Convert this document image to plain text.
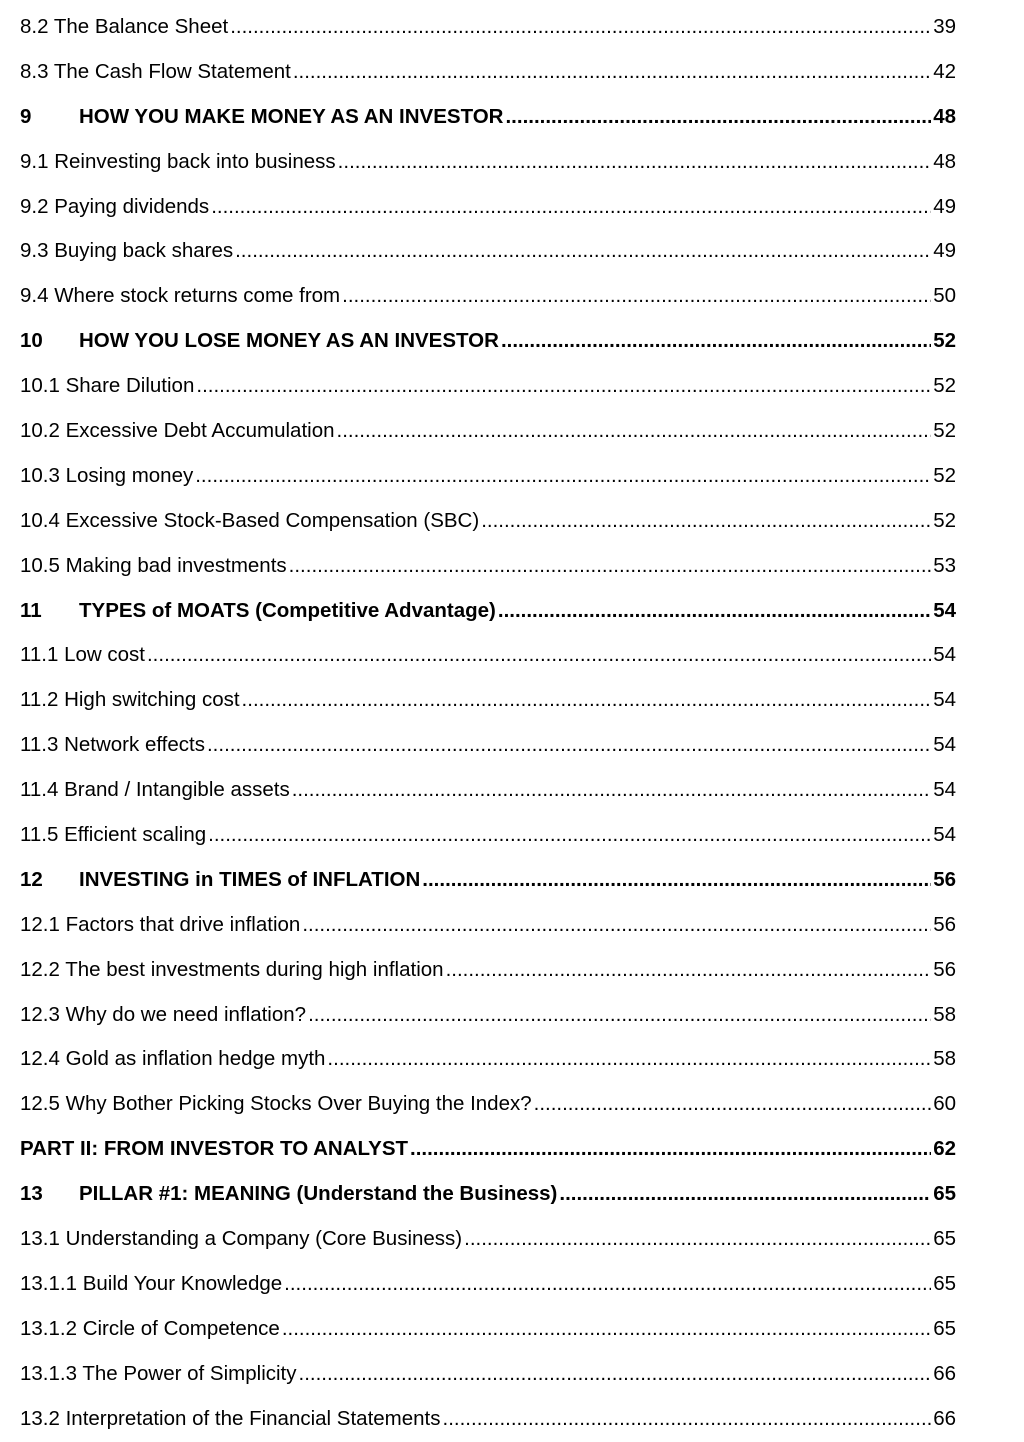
8.2 The Balance Sheet .....	39
8.3 The Cash Flow Statement .....	42
9	HOW YOU MAKE MONEY AS AN INVESTOR .....	48
9.1 Reinvesting back into business .....	48
9.2 Paying dividends .....	49
9.3 Buying back shares .....	49
9.4 Where stock returns come from .....	50
10	HOW YOU LOSE MONEY AS AN INVESTOR .....	52
10.1 Share Dilution .....	52
10.2 Excessive Debt Accumulation .....	52
10.3 Losing money .....	52
10.4 Excessive Stock-Based Compensation (SBC) .....	52
10.5 Making bad investments .....	53
11	TYPES of MOATS (Competitive Advantage) .....	54
11.1 Low cost .....	54
11.2 High switching cost .....	54
11.3 Network effects .....	54
11.4 Brand / Intangible assets .....	54
11.5 Efficient scaling .....	54
12	INVESTING in TIMES of INFLATION .....	56
12.1 Factors that drive inflation .....	56
12.2 The best investments during high inflation .....	56
12.3 Why do we need inflation? .....	58
12.4 Gold as inflation hedge myth .....	58
12.5 Why Bother Picking Stocks Over Buying the Index? .....	60
PART II: FROM INVESTOR TO ANALYST .....	62
13	PILLAR #1: MEANING (Understand the Business) .....	65
13.1 Understanding a Company (Core Business) .....	65
13.1.1 Build Your Knowledge .....	65
13.1.2 Circle of Competence .....	65
13.1.3 The Power of Simplicity .....	66
13.2 Interpretation of the Financial Statements .....	66
